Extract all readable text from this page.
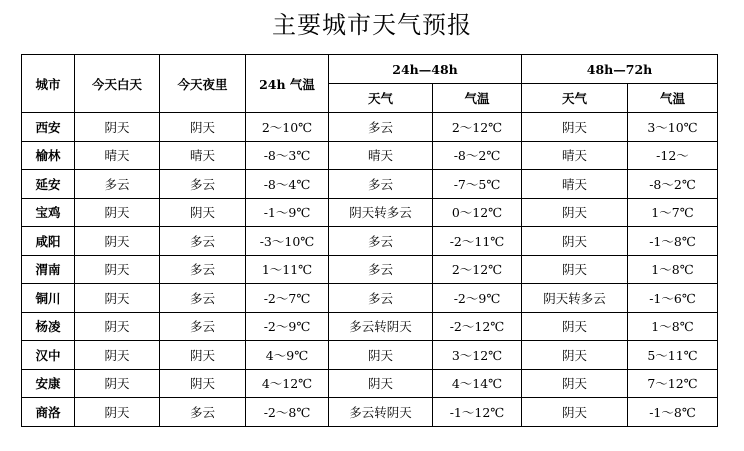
主要城市天气预报
城市	今天白天	今天夜里	24h 气温	24h—48h		48h—72h	
				天气	气温	天气	气温
西安	阴天	阴天	2～10℃	多云	2～12℃	阴天	3～10℃
榆林	晴天	晴天	-8～3℃	晴天	-8～2℃	晴天	-12～
延安	多云	多云	-8～4℃	多云	-7～5℃	晴天	-8～2℃
宝鸡	阴天	阴天	-1～9℃	阴天转多云	0～12℃	阴天	1～7℃
咸阳	阴天	多云	-3～10℃	多云	-2～11℃	阴天	-1～8℃
渭南	阴天	多云	1～11℃	多云	2～12℃	阴天	1～8℃
铜川	阴天	多云	-2～7℃	多云	-2～9℃	阴天转多云	-1～6℃
杨凌	阴天	多云	-2～9℃	多云转阴天	-2～12℃	阴天	1～8℃
汉中	阴天	阴天	4～9℃	阴天	3～12℃	阴天	5～11℃
安康	阴天	阴天	4～12℃	阴天	4～14℃	阴天	7～12℃
商洛	阴天	多云	-2～8℃	多云转阴天	-1～12℃	阴天	-1～8℃
